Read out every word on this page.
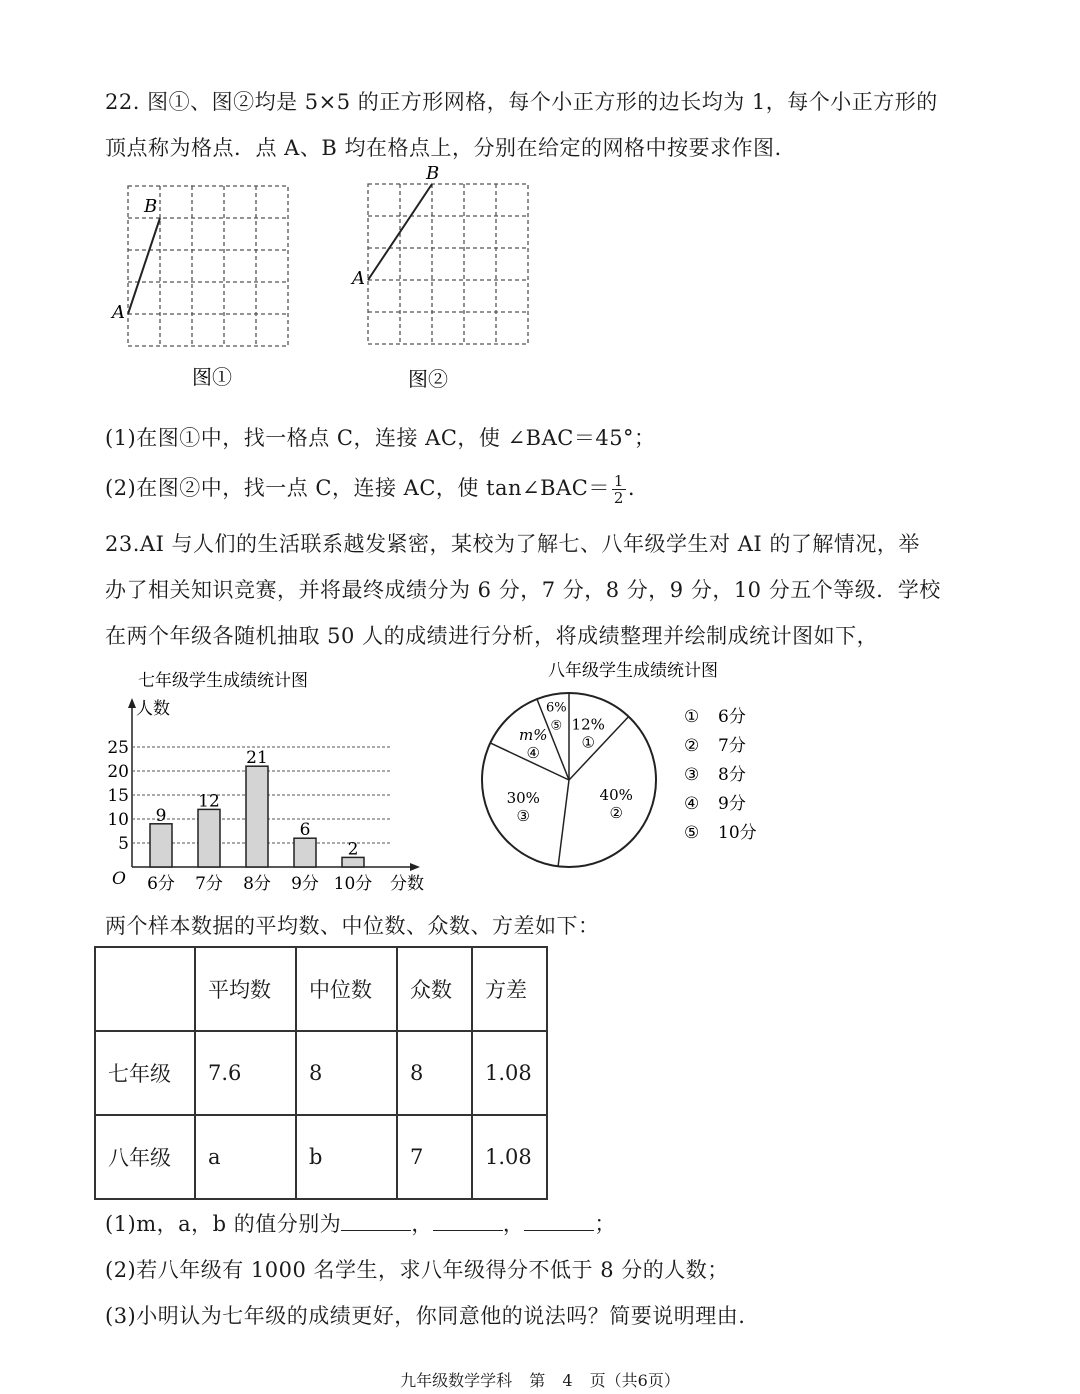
22. 图①、图②均是 5×5 的正方形网格，每个小正方形的边长均为 1，每个小正方形的
顶点称为格点．点 A、B 均在格点上，分别在给定的网格中按要求作图.
B
A
图①
B
A
图②
(1)在图①中，找一格点 C，连接 AC，使 ∠BAC＝45°；
(2)在图②中，找一点 C，连接 AC，使 tan∠BAC＝ $\frac{1}{2}$ .
23.AI 与人们的生活联系越发紧密，某校为了解七、八年级学生对 AI 的了解情况，举
办了相关知识竞赛，并将最终成绩分为 6 分，7 分，8 分，9 分，10 分五个等级．学校
在两个年级各随机抽取 50 人的成绩进行分析，将成绩整理并绘制成统计图如下，
七年级学生成绩统计图
人数
分数
O
5
10
15
20
25
9
6分
12
7分
21
8分
6
9分
2
10分
八年级学生成绩统计图
12%
①
40%
②
30%
③
m%
④
6%
⑤	① 6分
② 7分
③ 8分
④ 9分
⑤ 10分
两个样本数据的平均数、中位数、众数、方差如下：
	平均数	中位数	众数	方差
七年级	7.6	8	8	1.08
八年级	a	b	7	1.08
(1)m，a，b 的值分别为	，	，	；
(2)若八年级有 1000 名学生，求八年级得分不低于 8 分的人数；
(3)小明认为七年级的成绩更好，你同意他的说法吗？简要说明理由.
九年级数学学科 第 4 页（共6页）
